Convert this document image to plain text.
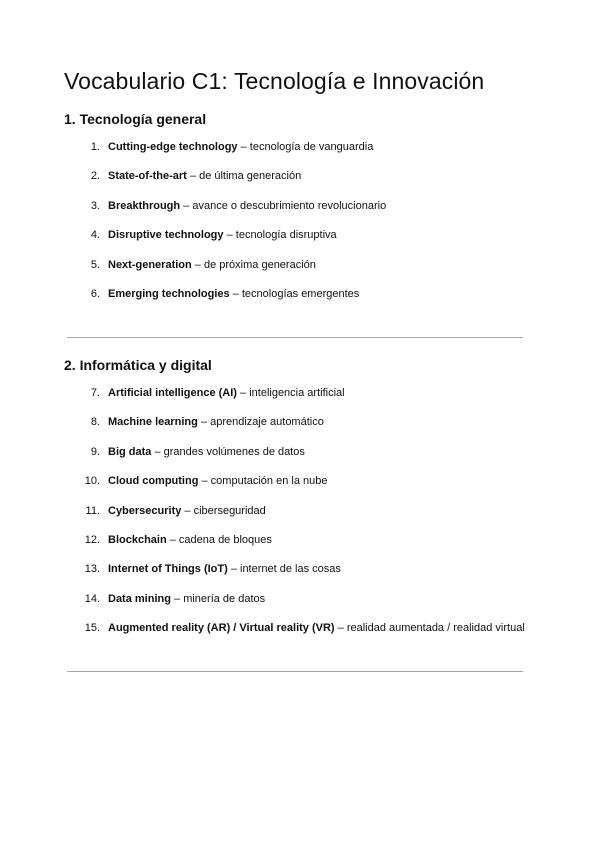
Vocabulario C1: Tecnología e Innovación
1. Tecnología general
1. Cutting-edge technology – tecnología de vanguardia
2. State-of-the-art – de última generación
3. Breakthrough – avance o descubrimiento revolucionario
4. Disruptive technology – tecnología disruptiva
5. Next-generation – de próxima generación
6. Emerging technologies – tecnologías emergentes
2. Informática y digital
7. Artificial intelligence (AI) – inteligencia artificial
8. Machine learning – aprendizaje automático
9. Big data – grandes volúmenes de datos
10. Cloud computing – computación en la nube
11. Cybersecurity – ciberseguridad
12. Blockchain – cadena de bloques
13. Internet of Things (IoT) – internet de las cosas
14. Data mining – minería de datos
15. Augmented reality (AR) / Virtual reality (VR) – realidad aumentada / realidad virtual
